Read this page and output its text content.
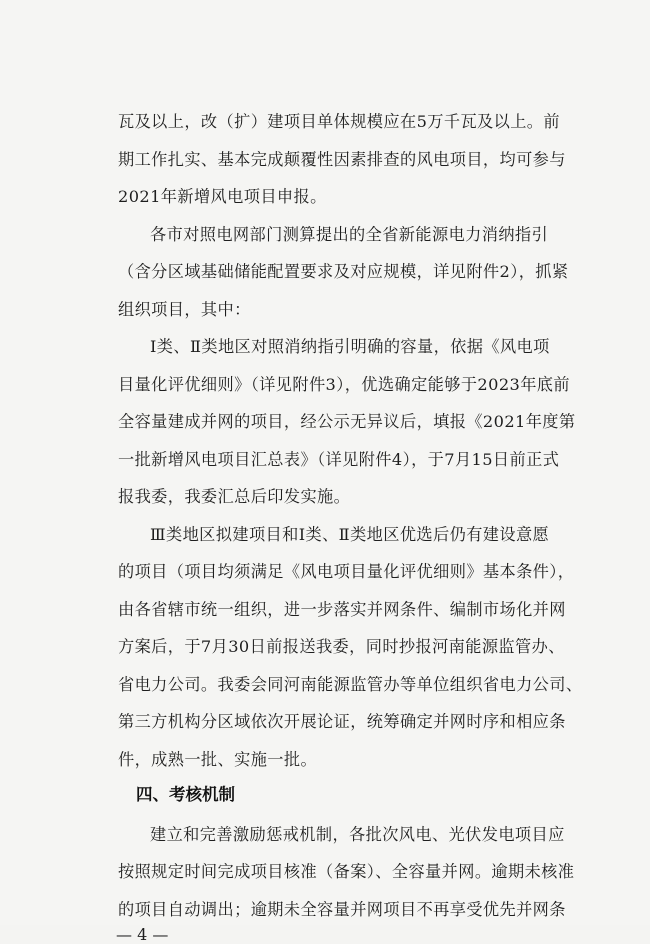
瓦及以上，改（扩）建项目单体规模应在5万千瓦及以上。前
期工作扎实、基本完成颠覆性因素排查的风电项目，均可参与
2021年新增风电项目申报。
各市对照电网部门测算提出的全省新能源电力消纳指引
（含分区域基础储能配置要求及对应规模，详见附件2），抓紧
组织项目，其中：
Ⅰ类、Ⅱ类地区对照消纳指引明确的容量，依据《风电项
目量化评优细则》（详见附件3），优选确定能够于2023年底前
全容量建成并网的项目，经公示无异议后，填报《2021年度第
一批新增风电项目汇总表》（详见附件4），于7月15日前正式
报我委，我委汇总后印发实施。
Ⅲ类地区拟建项目和Ⅰ类、Ⅱ类地区优选后仍有建设意愿
的项目（项目均须满足《风电项目量化评优细则》基本条件），
由各省辖市统一组织，进一步落实并网条件、编制市场化并网
方案后，于7月30日前报送我委，同时抄报河南能源监管办、
省电力公司。我委会同河南能源监管办等单位组织省电力公司、
第三方机构分区域依次开展论证，统筹确定并网时序和相应条
件，成熟一批、实施一批。
四、考核机制
— 4 —
建立和完善激励惩戒机制，各批次风电、光伏发电项目应
按照规定时间完成项目核准（备案）、全容量并网。逾期未核准
的项目自动调出；逾期未全容量并网项目不再享受优先并网条
